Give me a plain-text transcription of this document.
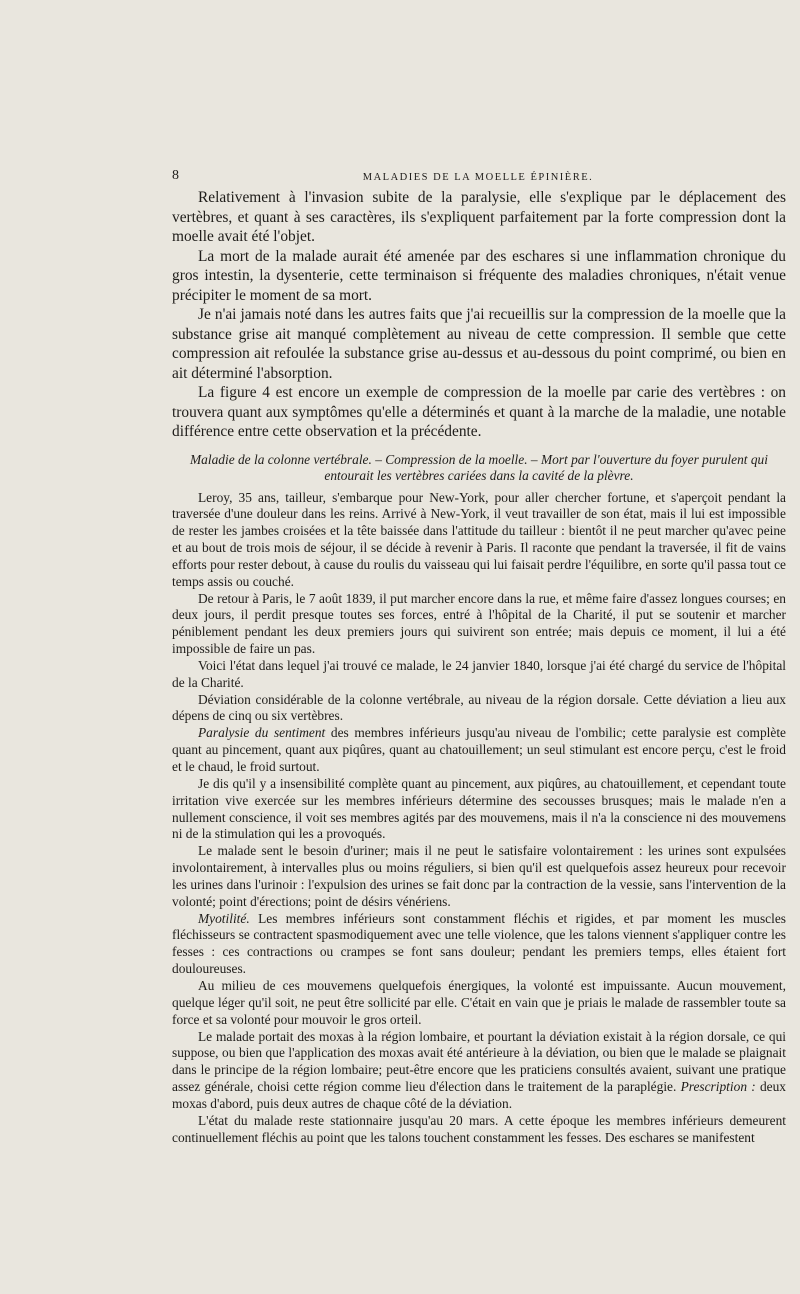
8	MALADIES DE LA MOELLE ÉPINIÈRE.

Relativement à l'invasion subite de la paralysie, elle s'explique par le déplacement des vertèbres, et quant à ses caractères, ils s'expliquent parfaitement par la forte compression dont la moelle avait été l'objet.

La mort de la malade aurait été amenée par des eschares si une inflammation chronique du gros intestin, la dysenterie, cette terminaison si fréquente des maladies chroniques, n'était venue précipiter le moment de sa mort.

Je n'ai jamais noté dans les autres faits que j'ai recueillis sur la compression de la moelle que la substance grise ait manqué complètement au niveau de cette compression. Il semble que cette compression ait refoulée la substance grise au-dessus et au-dessous du point comprimé, ou bien en ait déterminé l'absorption.

La figure 4 est encore un exemple de compression de la moelle par carie des vertèbres : on trouvera quant aux symptômes qu'elle a déterminés et quant à la marche de la maladie, une notable différence entre cette observation et la précédente.

Maladie de la colonne vertébrale. – Compression de la moelle. – Mort par l'ouverture du foyer purulent qui entourait les vertèbres cariées dans la cavité de la plèvre.

Leroy, 35 ans, tailleur, s'embarque pour New-York, pour aller chercher fortune, et s'aperçoit pendant la traversée d'une douleur dans les reins. Arrivé à New-York, il veut travailler de son état, mais il lui est impossible de rester les jambes croisées et la tête baissée dans l'attitude du tailleur : bientôt il ne peut marcher qu'avec peine et au bout de trois mois de séjour, il se décide à revenir à Paris. Il raconte que pendant la traversée, il fit de vains efforts pour rester debout, à cause du roulis du vaisseau qui lui faisait perdre l'équilibre, en sorte qu'il passa tout ce temps assis ou couché.

De retour à Paris, le 7 août 1839, il put marcher encore dans la rue, et même faire d'assez longues courses; en deux jours, il perdit presque toutes ses forces, entré à l'hôpital de la Charité, il put se soutenir et marcher péniblement pendant les deux premiers jours qui suivirent son entrée; mais depuis ce moment, il lui a été impossible de faire un pas.

Voici l'état dans lequel j'ai trouvé ce malade, le 24 janvier 1840, lorsque j'ai été chargé du service de l'hôpital de la Charité.

Déviation considérable de la colonne vertébrale, au niveau de la région dorsale. Cette déviation a lieu aux dépens de cinq ou six vertèbres.

Paralysie du sentiment des membres inférieurs jusqu'au niveau de l'ombilic; cette paralysie est complète quant au pincement, quant aux piqûres, quant au chatouillement; un seul stimulant est encore perçu, c'est le froid et le chaud, le froid surtout.

Je dis qu'il y a insensibilité complète quant au pincement, aux piqûres, au chatouillement, et cependant toute irritation vive exercée sur les membres inférieurs détermine des secousses brusques; mais le malade n'en a nullement conscience, il voit ses membres agités par des mouvemens, mais il n'a la conscience ni des mouvemens ni de la stimulation qui les a provoqués.

Le malade sent le besoin d'uriner; mais il ne peut le satisfaire volontairement : les urines sont expulsées involontairement, à intervalles plus ou moins réguliers, si bien qu'il est quelquefois assez heureux pour recevoir les urines dans l'urinoir : l'expulsion des urines se fait donc par la contraction de la vessie, sans l'intervention de la volonté; point d'érections; point de désirs vénériens.

Myotilité. Les membres inférieurs sont constamment fléchis et rigides, et par moment les muscles fléchisseurs se contractent spasmodiquement avec une telle violence, que les talons viennent s'appliquer contre les fesses : ces contractions ou crampes se font sans douleur; pendant les premiers temps, elles étaient fort douloureuses.

Au milieu de ces mouvemens quelquefois énergiques, la volonté est impuissante. Aucun mouvement, quelque léger qu'il soit, ne peut être sollicité par elle. C'était en vain que je priais le malade de rassembler toute sa force et sa volonté pour mouvoir le gros orteil.

Le malade portait des moxas à la région lombaire, et pourtant la déviation existait à la région dorsale, ce qui suppose, ou bien que l'application des moxas avait été antérieure à la déviation, ou bien que le malade se plaignait dans le principe de la région lombaire; peut-être encore que les praticiens consultés avaient, suivant une pratique assez générale, choisi cette région comme lieu d'élection dans le traitement de la paraplégie. Prescription : deux moxas d'abord, puis deux autres de chaque côté de la déviation.

L'état du malade reste stationnaire jusqu'au 20 mars. A cette époque les membres inférieurs demeurent continuellement fléchis au point que les talons touchent constamment les fesses. Des eschares se manifestent
